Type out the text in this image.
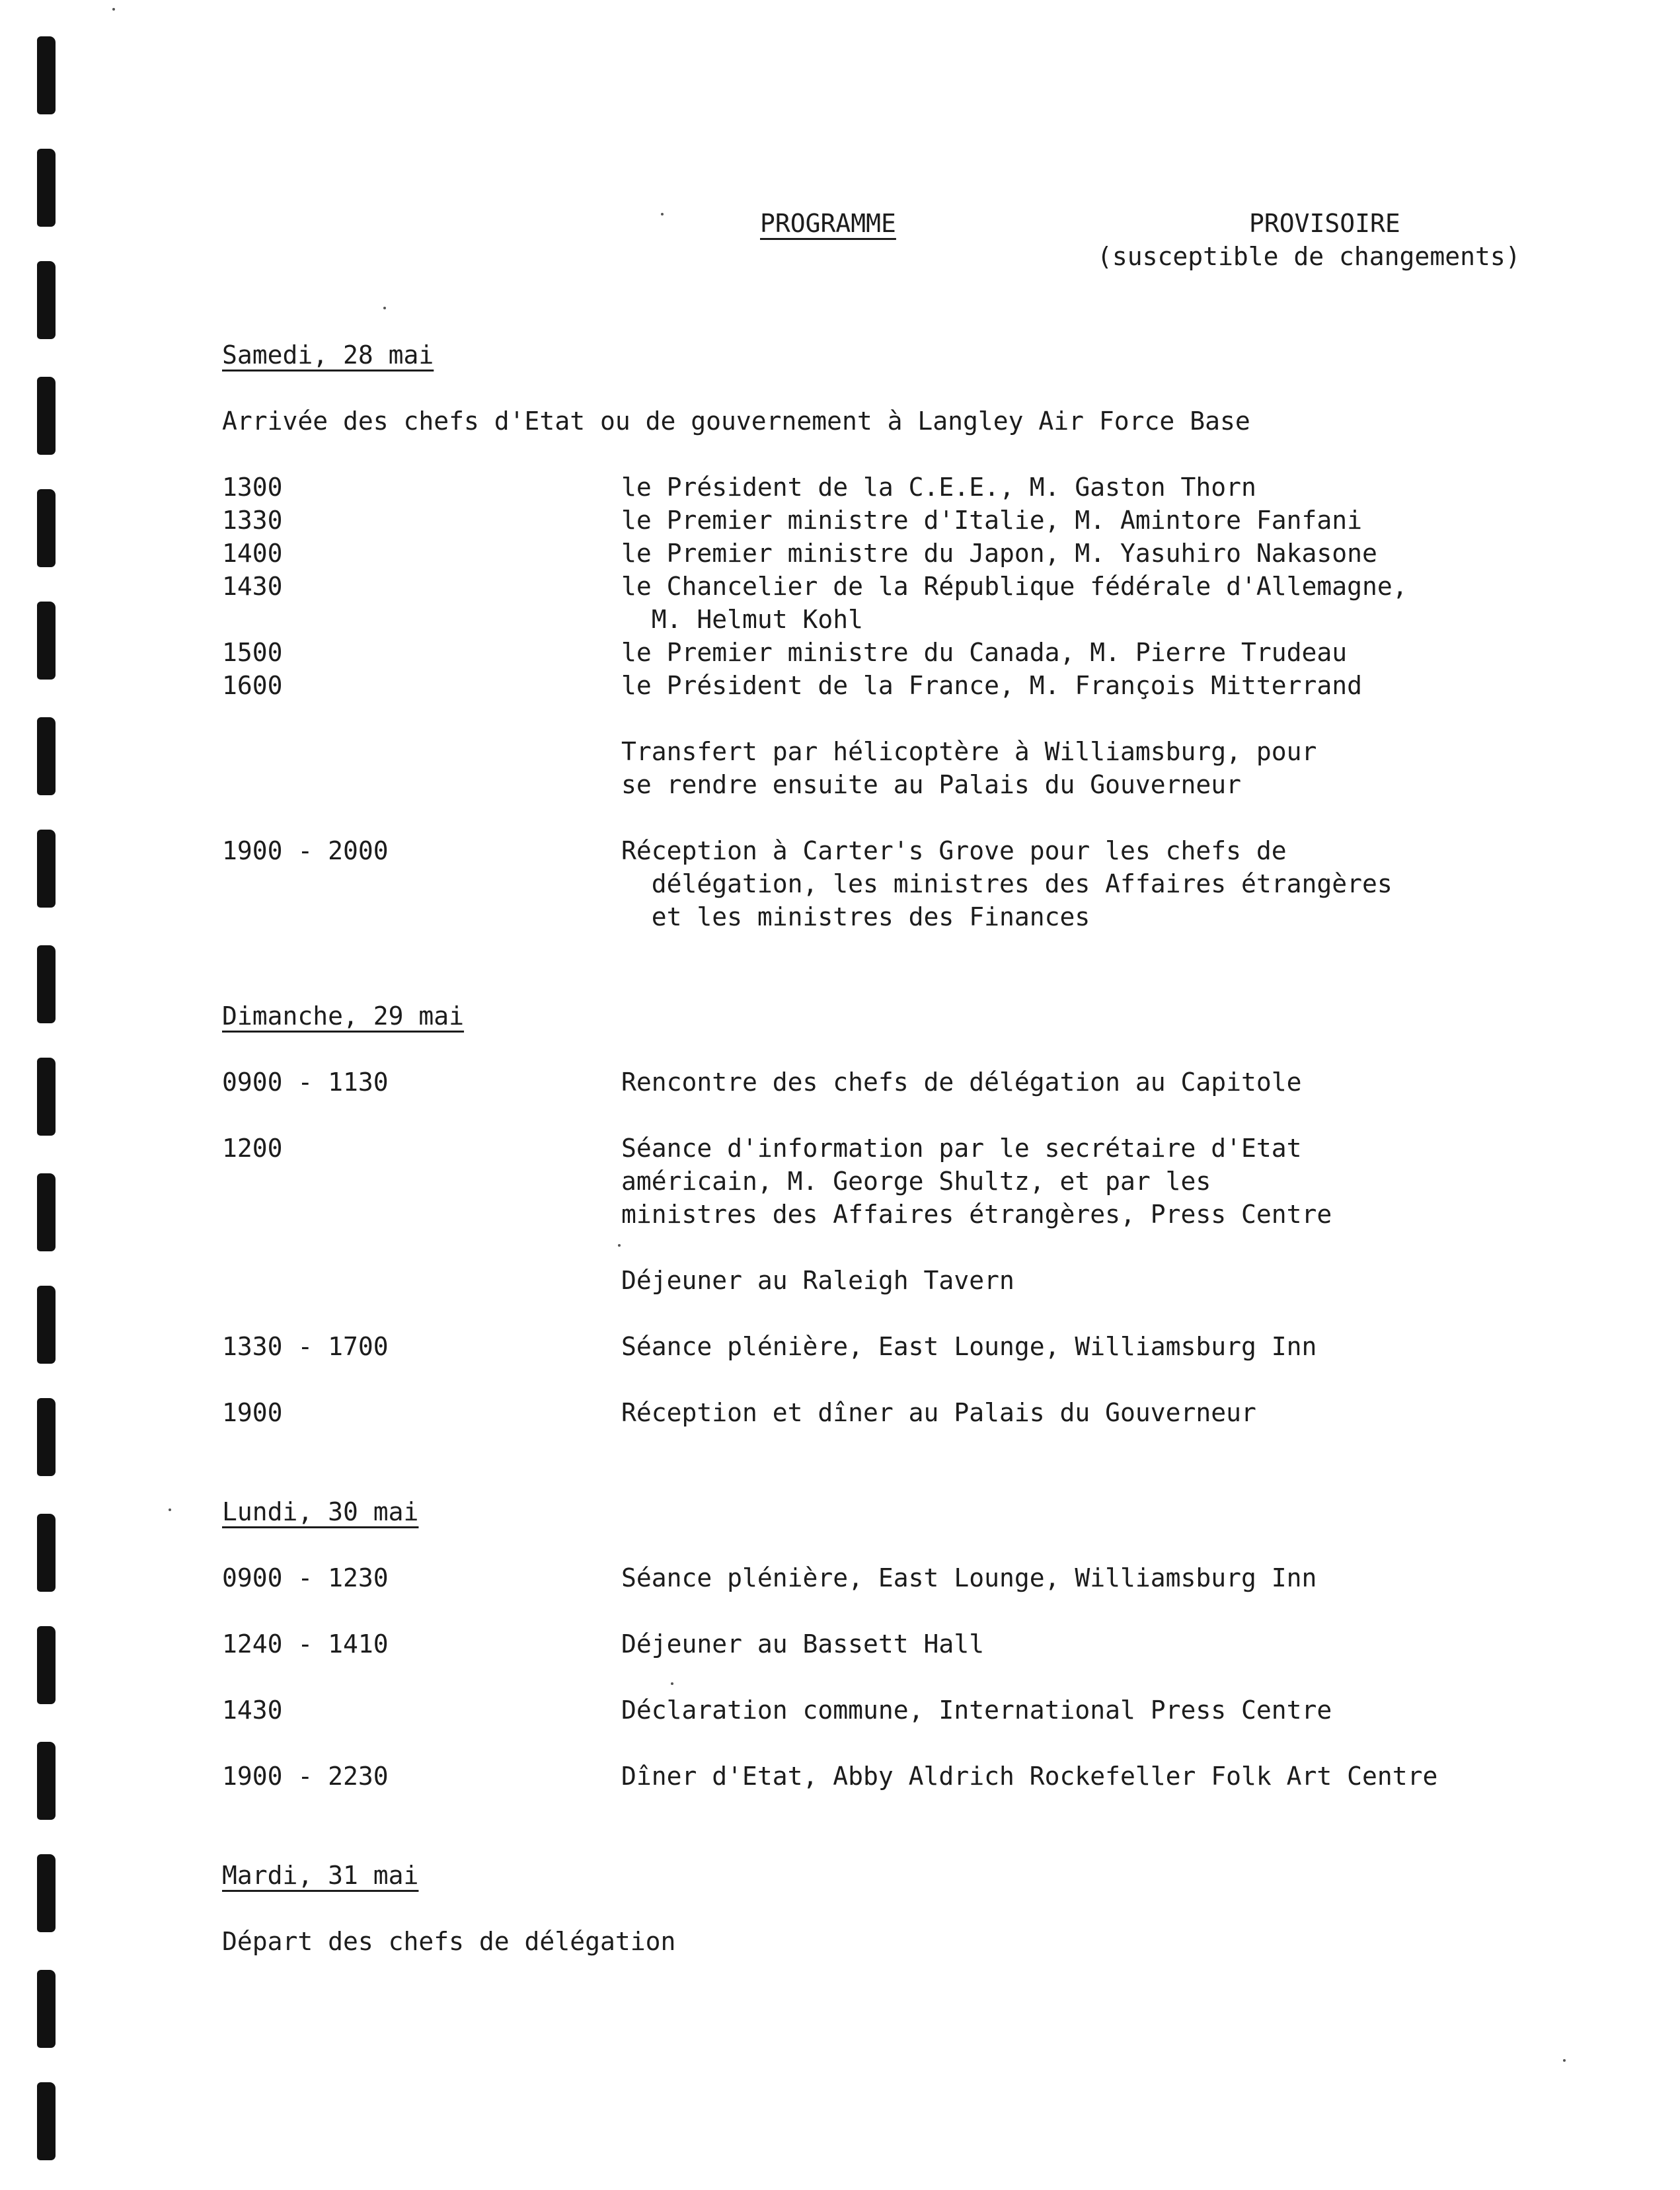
PROGRAMME	PROVISOIRE
(susceptible de changements)
Samedi, 28 mai
Arrivée des chefs d'Etat ou de gouvernement à Langley Air Force Base
1300	le Président de la C.E.E., M. Gaston Thorn
1330	le Premier ministre d'Italie, M. Amintore Fanfani
1400	le Premier ministre du Japon, M. Yasuhiro Nakasone
1430	le Chancelier de la République fédérale d'Allemagne,
M. Helmut Kohl
1500	le Premier ministre du Canada, M. Pierre Trudeau
1600	le Président de la France, M. François Mitterrand
Transfert par hélicoptère à Williamsburg, pour
se rendre ensuite au Palais du Gouverneur
1900 - 2000	Réception à Carter's Grove pour les chefs de
délégation, les ministres des Affaires étrangères
et les ministres des Finances
Dimanche, 29 mai
0900 - 1130	Rencontre des chefs de délégation au Capitole
1200	Séance d'information par le secrétaire d'Etat
américain, M. George Shultz, et par les
ministres des Affaires étrangères, Press Centre
Déjeuner au Raleigh Tavern
1330 - 1700	Séance plénière, East Lounge, Williamsburg Inn
1900	Réception et dîner au Palais du Gouverneur
Lundi, 30 mai
0900 - 1230	Séance plénière, East Lounge, Williamsburg Inn
1240 - 1410	Déjeuner au Bassett Hall
1430	Déclaration commune, International Press Centre
1900 - 2230	Dîner d'Etat, Abby Aldrich Rockefeller Folk Art Centre
Mardi, 31 mai
Départ des chefs de délégation
